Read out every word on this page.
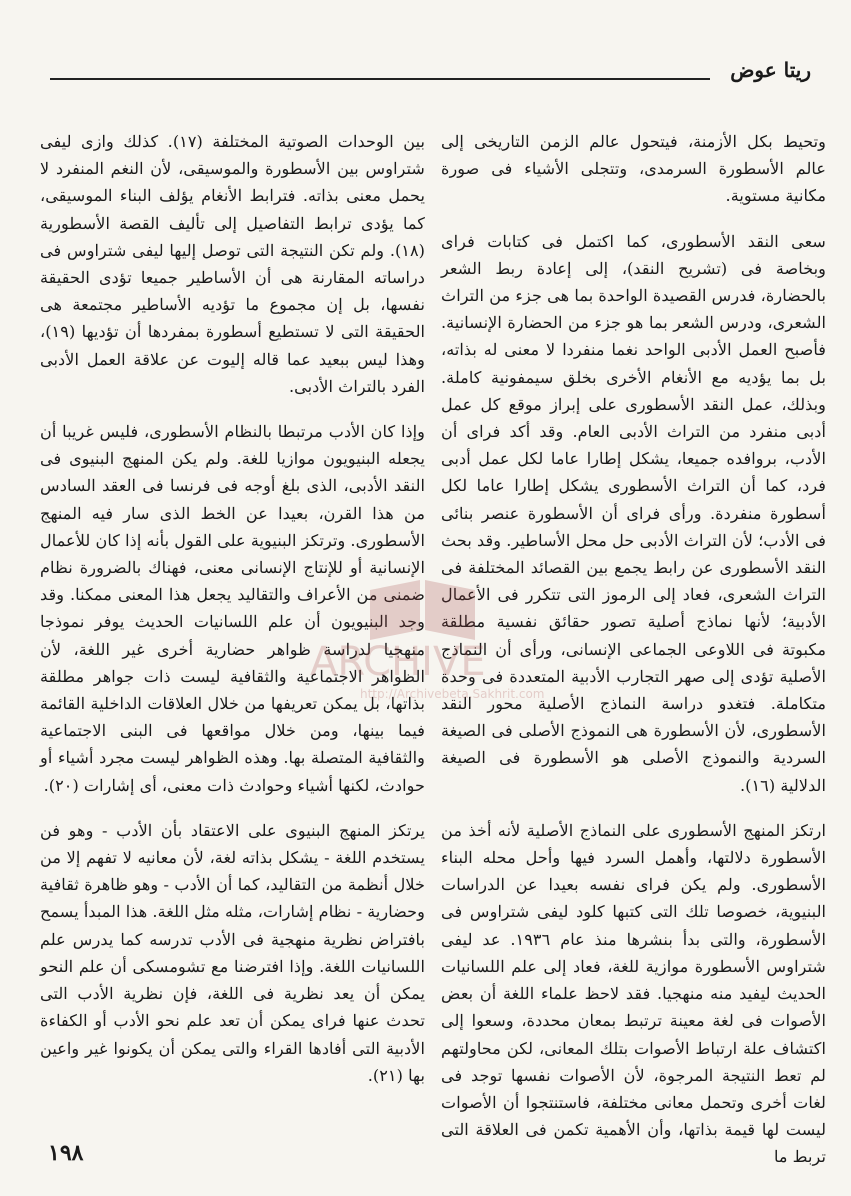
ريتا عوض

وتحيط بكل الأزمنة، فيتحول عالم الزمن التاريخى إلى عالم الأسطورة السرمدى، وتتجلى الأشياء فى صورة مكانية مستوية.

سعى النقد الأسطورى، كما اكتمل فى كتابات فراى وبخاصة فى (تشريح النقد)، إلى إعادة ربط الشعر بالحضارة، فدرس القصيدة الواحدة بما هى جزء من التراث الشعرى، ودرس الشعر بما هو جزء من الحضارة الإنسانية. فأصبح العمل الأدبى الواحد نغما منفردا لا معنى له بذاته، بل بما يؤديه مع الأنغام الأخرى بخلق سيمفونية كاملة. وبذلك، عمل النقد الأسطورى على إبراز موقع كل عمل أدبى منفرد من التراث الأدبى العام. وقد أكد فراى أن الأدب، بروافده جميعا، يشكل إطارا عاما لكل عمل أدبى فرد، كما أن التراث الأسطورى يشكل إطارا عاما لكل أسطورة منفردة. ورأى فراى أن الأسطورة عنصر بنائى فى الأدب؛ لأن التراث الأدبى حل محل الأساطير. وقد بحث النقد الأسطورى عن رابط يجمع بين القصائد المختلفة فى التراث الشعرى، فعاد إلى الرموز التى تتكرر فى الأعمال الأدبية؛ لأنها نماذج أصلية تصور حقائق نفسية مطلقة مكبوتة فى اللاوعى الجماعى الإنسانى، ورأى أن النماذج الأصلية تؤدى إلى صهر التجارب الأدبية المتعددة فى وحدة متكاملة. فتغدو دراسة النماذج الأصلية محور النقد الأسطورى، لأن الأسطورة هى النموذج الأصلى فى الصيغة السردية والنموذج الأصلى هو الأسطورة فى الصيغة الدلالية (١٦).

ارتكز المنهج الأسطورى على النماذج الأصلية لأنه أخذ من الأسطورة دلالتها، وأهمل السرد فيها وأحل محله البناء الأسطورى. ولم يكن فراى نفسه بعيدا عن الدراسات البنيوية، خصوصا تلك التى كتبها كلود ليفى شتراوس فى الأسطورة، والتى بدأ بنشرها منذ عام ١٩٣٦. عد ليفى شتراوس الأسطورة موازية للغة، فعاد إلى علم اللسانيات الحديث ليفيد منه منهجيا. فقد لاحظ علماء اللغة أن بعض الأصوات فى لغة معينة ترتبط بمعان محددة، وسعوا إلى اكتشاف علة ارتباط الأصوات بتلك المعانى، لكن محاولتهم لم تعط النتيجة المرجوة، لأن الأصوات نفسها توجد فى لغات أخرى وتحمل معانى مختلفة، فاستنتجوا أن الأصوات ليست لها قيمة بذاتها، وأن الأهمية تكمن فى العلاقة التى تربط ما

بين الوحدات الصوتية المختلفة (١٧). كذلك وازى ليفى شتراوس بين الأسطورة والموسيقى، لأن النغم المنفرد لا يحمل معنى بذاته. فترابط الأنغام يؤلف البناء الموسيقى، كما يؤدى ترابط التفاصيل إلى تأليف القصة الأسطورية (١٨). ولم تكن النتيجة التى توصل إليها ليفى شتراوس فى دراساته المقارنة هى أن الأساطير جميعا تؤدى الحقيقة نفسها، بل إن مجموع ما تؤديه الأساطير مجتمعة هى الحقيقة التى لا تستطيع أسطورة بمفردها أن تؤديها (١٩)، وهذا ليس ببعيد عما قاله إليوت عن علاقة العمل الأدبى الفرد بالتراث الأدبى.

وإذا كان الأدب مرتبطا بالنظام الأسطورى، فليس غريبا أن يجعله البنيويون موازيا للغة. ولم يكن المنهج البنيوى فى النقد الأدبى، الذى بلغ أوجه فى فرنسا فى العقد السادس من هذا القرن، بعيدا عن الخط الذى سار فيه المنهج الأسطورى. وترتكز البنيوية على القول بأنه إذا كان للأعمال الإنسانية أو للإنتاج الإنسانى معنى، فهناك بالضرورة نظام ضمنى من الأعراف والتقاليد يجعل هذا المعنى ممكنا. وقد وجد البنيويون أن علم اللسانيات الحديث يوفر نموذجا منهجيا لدراسة ظواهر حضارية أخرى غير اللغة، لأن الظواهر الاجتماعية والثقافية ليست ذات جواهر مطلقة بذاتها، بل يمكن تعريفها من خلال العلاقات الداخلية القائمة فيما بينها، ومن خلال مواقعها فى البنى الاجتماعية والثقافية المتصلة بها. وهذه الظواهر ليست مجرد أشياء أو حوادث، لكنها أشياء وحوادث ذات معنى، أى إشارات (٢٠).

يرتكز المنهج البنيوى على الاعتقاد بأن الأدب - وهو فن يستخدم اللغة - يشكل بذاته لغة، لأن معانيه لا تفهم إلا من خلال أنظمة من التقاليد، كما أن الأدب - وهو ظاهرة ثقافية وحضارية - نظام إشارات، مثله مثل اللغة. هذا المبدأ يسمح بافتراض نظرية منهجية فى الأدب تدرسه كما يدرس علم اللسانيات اللغة. وإذا افترضنا مع تشومسكى أن علم النحو يمكن أن يعد نظرية فى اللغة، فإن نظرية الأدب التى تحدث عنها فراى يمكن أن تعد علم نحو الأدب أو الكفاءة الأدبية التى أفادها القراء والتى يمكن أن يكونوا غير واعين بها (٢١).

ARCHIVE
http://Archivebeta.Sakhrit.com
١٩٨
